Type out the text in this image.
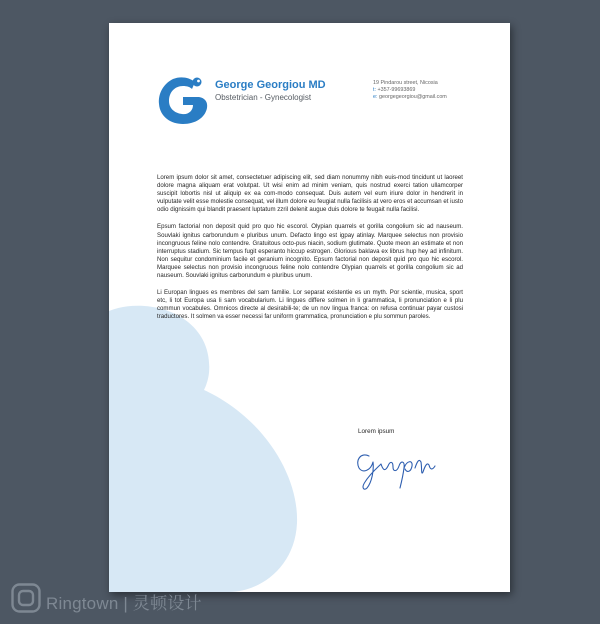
George Georgiou MD
Obstetrician - Gynecologist
19 Pindarou street, Nicosia
t: +357-99693869
e: georgegeorgiou@gmail.com

Lorem ipsum dolor sit amet, consectetuer adipiscing elit, sed diam nonummy nibh euis-mod tincidunt ut laoreet dolore magna aliquam erat volutpat. Ut wisi enim ad minim veniam, quis nostrud exerci tation ullamcorper suscipit lobortis nisl ut aliquip ex ea com-modo consequat. Duis autem vel eum iriure dolor in hendrerit in vulputate velit esse molestie consequat, vel illum dolore eu feugiat nulla facilisis at vero eros et accumsan et iusto odio dignissim qui blandit praesent luptatum zzril delenit augue duis dolore te feugait nulla facilisi.

Epsum factorial non deposit quid pro quo hic escorol. Olypian quarrels et gorilla congolium sic ad nauseum. Souvlaki ignitus carborundum e pluribus unum. Defacto lingo est igpay atinlay. Marquee selectus non provisio incongruous feline nolo contendre. Gratuitous octo-pus niacin, sodium glutimate. Quote meon an estimate et non interruptus stadium. Sic tempus fugit esperanto hiccup estrogen. Glorious baklava ex librus hup hey ad infinitum. Non sequitur condominium facile et geranium incognito. Epsum factorial non deposit quid pro quo hic escorol. Marquee selectus non provisio incongruous feline nolo contendre Olypian quarrels et gorilla congolium sic ad nauseum. Souvlaki ignitus carborundum e pluribus unum.

Li Europan lingues es membres del sam familie. Lor separat existentie es un myth. Por scientie, musica, sport etc, li tot Europa usa li sam vocabularium. Li lingues differe solmen in li grammatica, li pronunciation e li plu commun vocabules. Omnicos directe al desirabili-te; de un nov lingua franca: on refusa continuar payar custosi traductores. It solmen va esser necessi far uniform grammatica, pronunciation e plu sommun paroles.

Lorem ipsum
Ringtown | 灵顿设计
